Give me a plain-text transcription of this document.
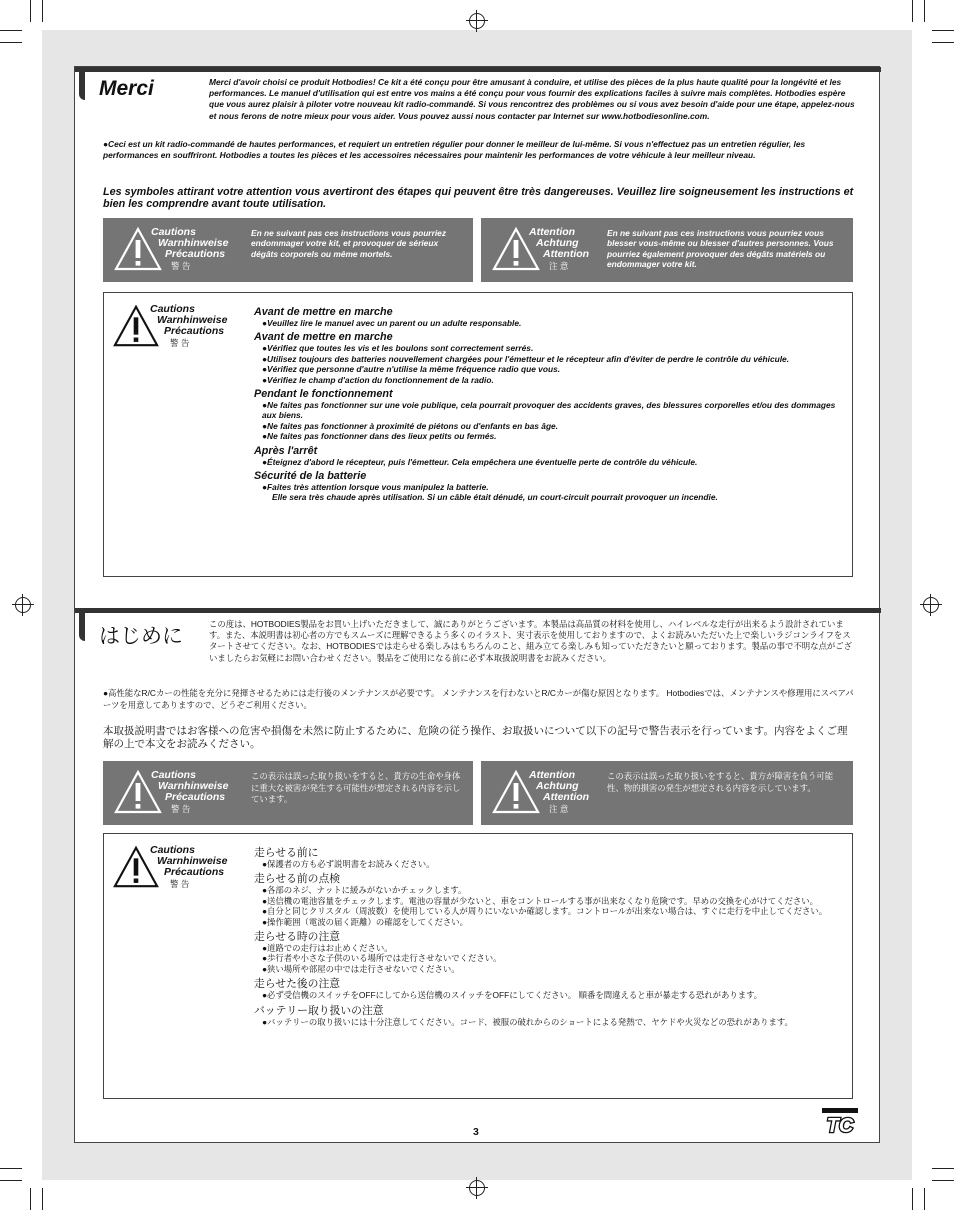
Merci	Merci d'avoir choisi ce produit Hotbodies! Ce kit a été conçu pour être amusant à conduire, et utilise des pièces de la plus haute qualité pour la longévité et les performances. Le manuel d'utilisation qui est entre vos mains a été conçu pour vous fournir des explications faciles à suivre mais complètes. Hotbodies espère que vous aurez plaisir à piloter votre nouveau kit radio-commandé. Si vous rencontrez des problèmes ou si vous avez besoin d'aide pour une étape, appelez-nous et nous ferons de notre mieux pour vous aider. Vous pouvez aussi nous contacter par Internet sur www.hotbodiesonline.com.
●Ceci est un kit radio-commandé de hautes performances, et requiert un entretien régulier pour donner le meilleur de lui-même. Si vous n'effectuez pas un entretien régulier, les performances en souffriront. Hotbodies a toutes les pièces et les accessoires nécessaires pour maintenir les performances de votre véhicule à leur meilleur niveau.
Les symboles attirant votre attention vous avertiront des étapes qui peuvent être très dangereuses. Veuillez lire soigneusement les instructions et bien les comprendre avant toute utilisation.
Cautions
Warnhinweise
Précautions
警 告
En ne suivant pas ces instructions vous pourriez endommager votre kit, et provoquer de sérieux dégâts corporels ou même mortels.
Attention
Achtung
Attention
注 意
En ne suivant pas ces instructions vous pourriez vous blesser vous-même ou blesser d'autres personnes. Vous pourriez également provoquer des dégâts matériels ou endommager votre kit.
Cautions
Warnhinweise
Précautions
警 告
Avant de mettre en marche
●Veuillez lire le manuel avec un parent ou un adulte responsable.
Avant de mettre en marche
●Vérifiez que toutes les vis et les boulons sont correctement serrés.
●Utilisez toujours des batteries nouvellement chargées pour l'émetteur et le récepteur afin d'éviter de perdre le contrôle du véhicule.
●Vérifiez que personne d'autre n'utilise la même fréquence radio que vous.
●Vérifiez le champ d'action du fonctionnement de la radio.
Pendant le fonctionnement
●Ne faites pas fonctionner sur une voie publique, cela pourrait provoquer des accidents graves, des blessures corporelles et/ou des dommages aux biens.
●Ne faites pas fonctionner à proximité de piétons ou d'enfants en bas âge.
●Ne faites pas fonctionner dans des lieux petits ou fermés.
Après l'arrêt
●Éteignez d'abord le récepteur, puis l'émetteur. Cela empêchera une éventuelle perte de contrôle du véhicule.
Sécurité de la batterie
●Faites très attention lorsque vous manipulez la batterie.
Elle sera très chaude après utilisation. Si un câble était dénudé, un court-circuit pourrait provoquer un incendie.
はじめに
この度は、HOTBODIES製品をお買い上げいただきまして、誠にありがとうございます。本製品は高品質の材料を使用し、ハイレベルな走行が出来るよう設計されています。また、本説明書は初心者の方でもスムーズに理解できるよう多くのイラスト、実寸表示を使用しておりますので、よくお読みいただいた上で楽しいラジコンライフをスタートさせてください。なお、HOTBODIESでは走らせる楽しみはもちろんのこと、組み立てる楽しみも知っていただきたいと願っております。製品の事で不明な点がございましたらお気軽にお問い合わせください。製品をご使用になる前に必ず本取扱説明書をお読みください。
●高性能なR/Cカーの性能を充分に発揮させるためには走行後のメンテナンスが必要です。 メンテナンスを行わないとR/Cカーが傷む原因となります。 Hotbodiesでは、メンテナンスや修理用にスペアパーツを用意してありますので、どうぞご利用ください。
本取扱説明書ではお客様への危害や損傷を未然に防止するために、危険の従う操作、お取扱いについて以下の記号で警告表示を行っています。内容をよくご理解の上で本文をお読みください。
Cautions
Warnhinweise
Précautions
警 告
この表示は誤った取り扱いをすると、貴方の生命や身体に重大な被害が発生する可能性が想定される内容を示しています。
Attention
Achtung
Attention
注 意
この表示は誤った取り扱いをすると、貴方が障害を負う可能性、物的損害の発生が想定される内容を示しています。
Cautions
Warnhinweise
Précautions
警 告
走らせる前に
●保護者の方も必ず説明書をお読みください。
走らせる前の点検
●各部のネジ、ナットに緩みがないかチェックします。
●送信機の電池容量をチェックします。電池の容量が少ないと、車をコントロールする事が出来なくなり危険です。早めの交換を心がけてください。
●自分と同じクリスタル（周波数）を使用している人が周りにいないか確認します。コントロールが出来ない場合は、すぐに走行を中止してください。
●操作範囲（電波の届く距離）の確認をしてください。
走らせる時の注意
●道路での走行はお止めください。
●歩行者や小さな子供のいる場所では走行させないでください。
●狭い場所や部屋の中では走行させないでください。
走らせた後の注意
●必ず受信機のスイッチをOFFにしてから送信機のスイッチをOFFにしてください。 順番を間違えると車が暴走する恐れがあります。
バッテリー取り扱いの注意
●バッテリーの取り扱いには十分注意してください。コード、被服の破れからのショートによる発熱で、ヤケドや火災などの恐れがあります。
3	TC
